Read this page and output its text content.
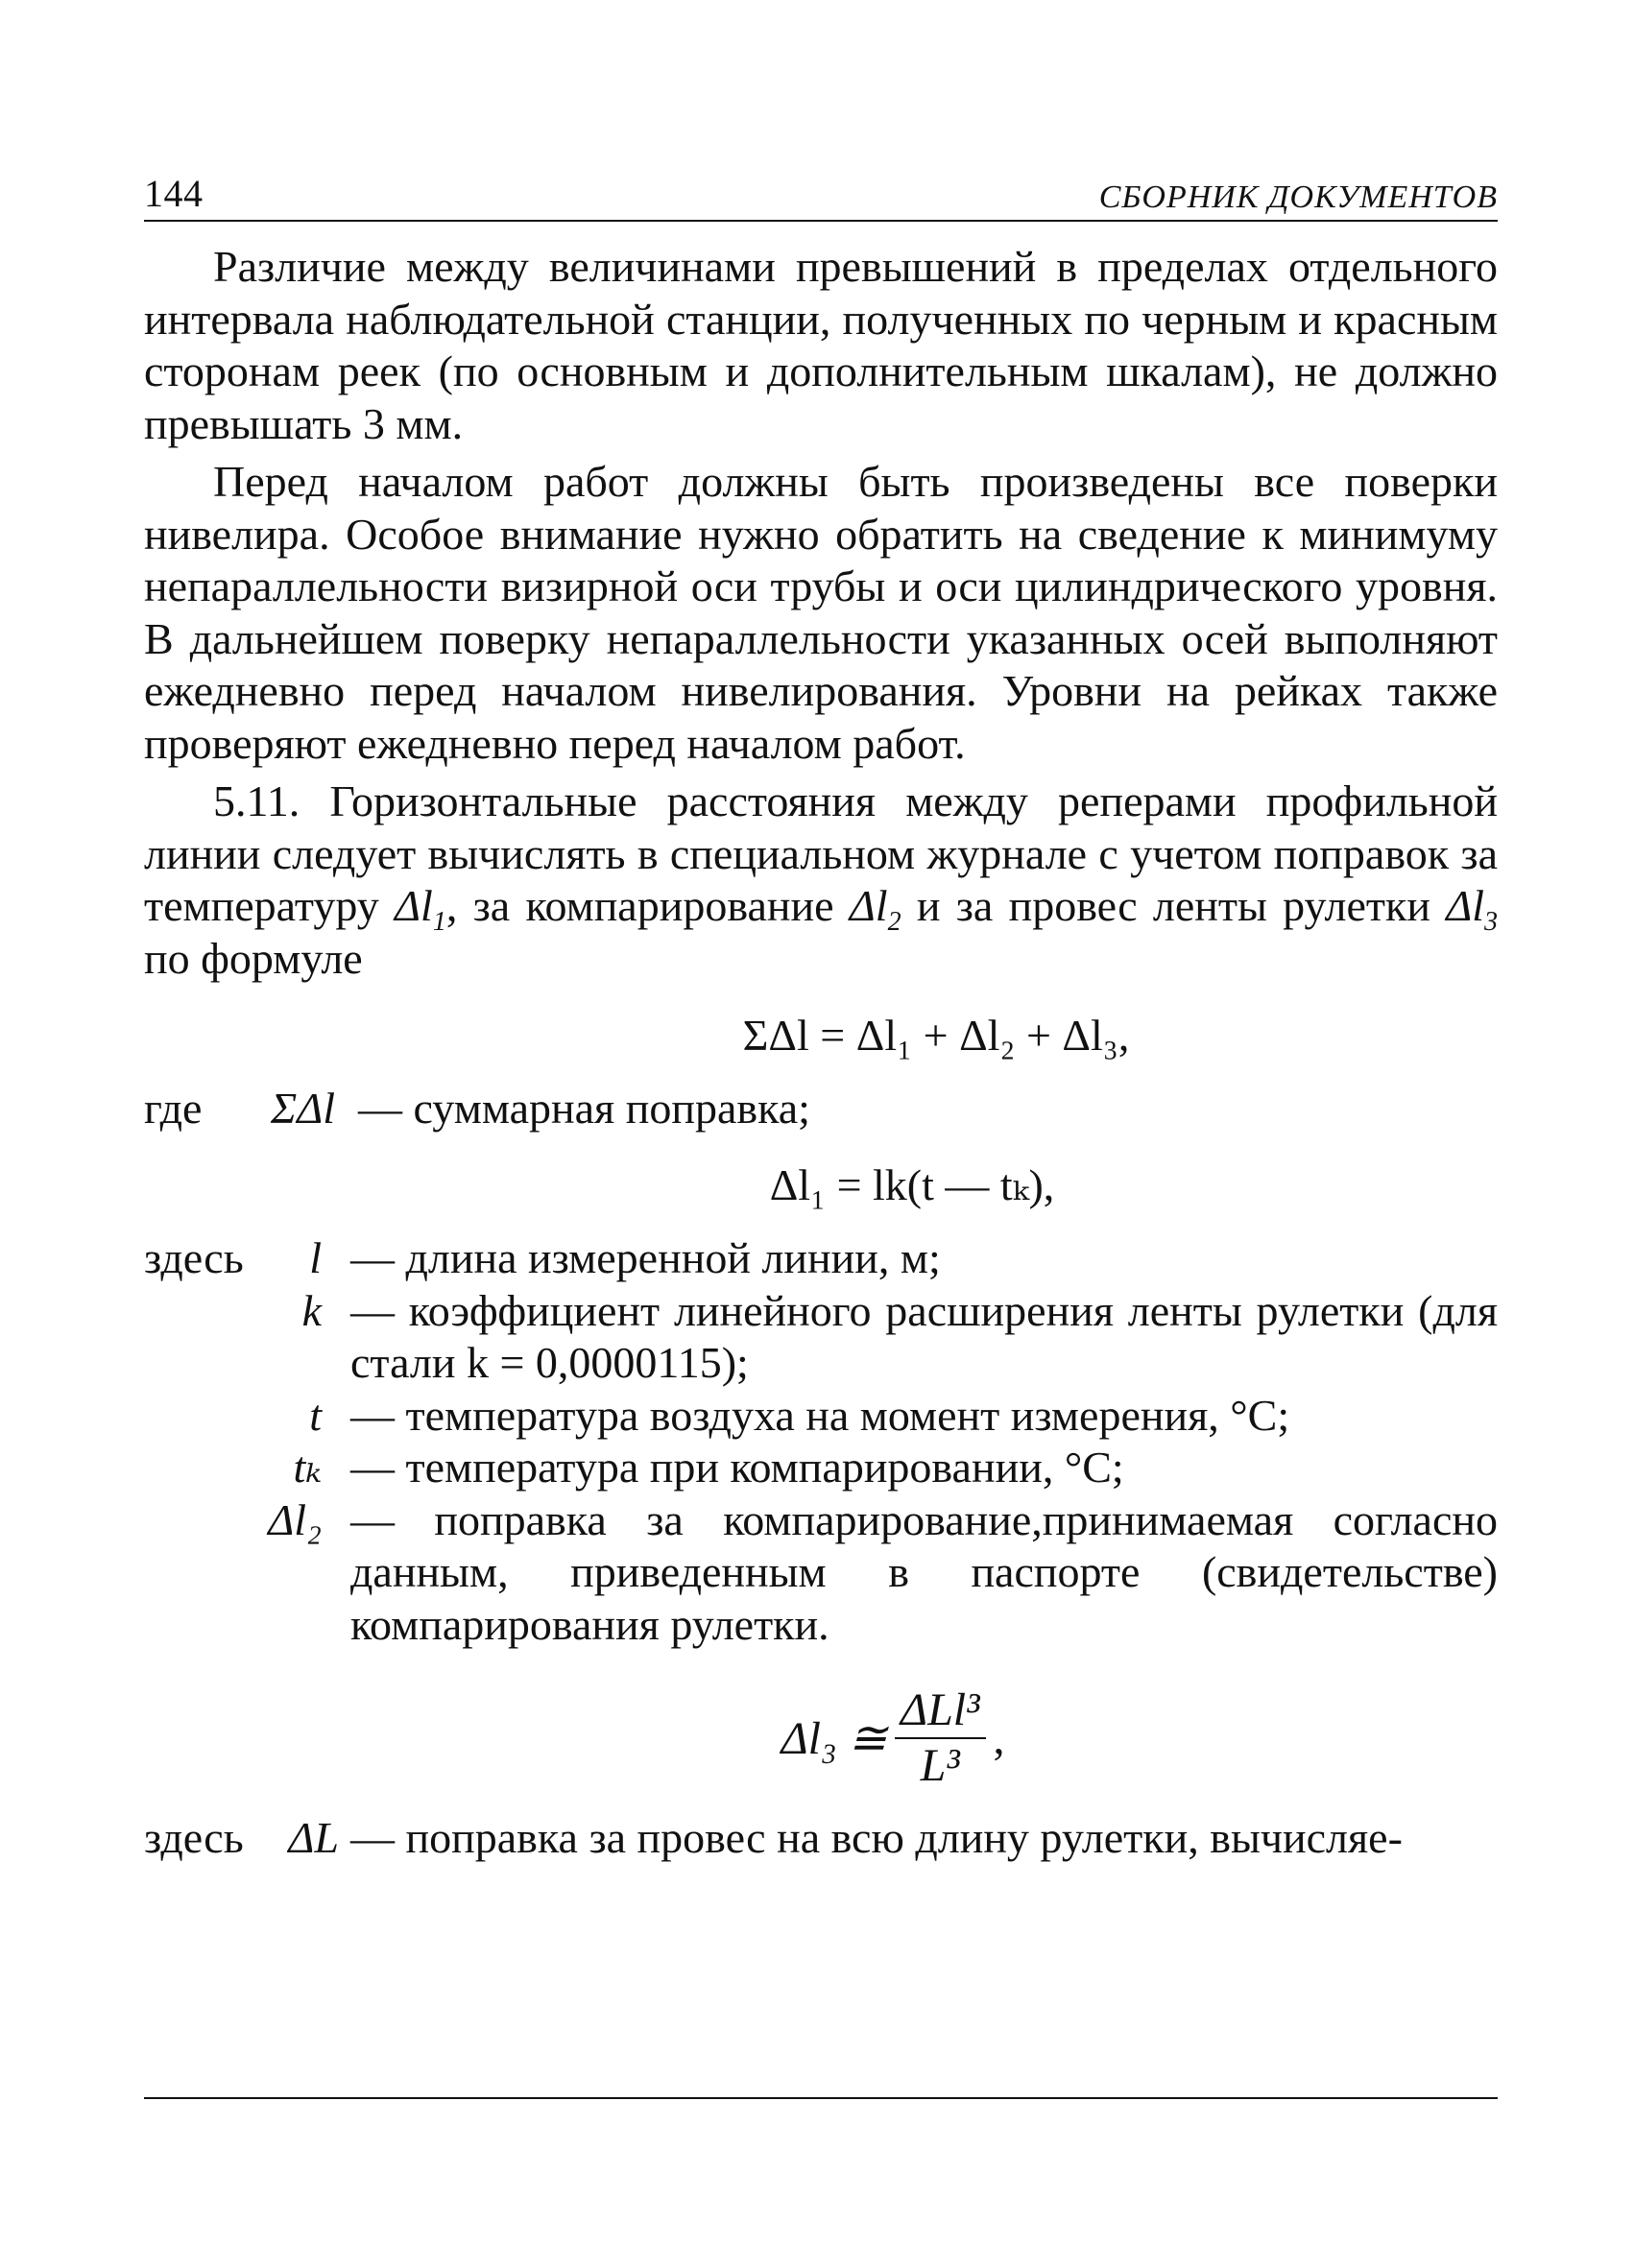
144	СБОРНИК ДОКУМЕНТОВ

Различие между величинами превышений в пределах отдельного интервала наблюдательной станции, полученных по черным и красным сторонам реек (по основным и дополнительным шкалам), не должно превышать 3 мм.

Перед началом работ должны быть произведены все поверки нивелира. Особое внимание нужно обратить на сведение к минимуму непараллельности визирной оси трубы и оси цилиндрического уровня. В дальнейшем поверку непараллельности указанных осей выполняют ежедневно перед началом нивелирования. Уровни на рейках также проверяют ежедневно перед началом работ.

5.11. Горизонтальные расстояния между реперами профильной линии следует вычислять в специальном журнале с учетом поправок за температуру $\Delta l_1$, за компарирование $\Delta l_2$ и за провес ленты рулетки $\Delta l_3$ по формуле

ΣΔl = Δl₁ + Δl₂ + Δl₃,
где	ΣΔl — суммарная поправка;
Δl₁ = lk(t — tₖ),
здесь	l — длина измеренной линии, м;
k — коэффициент линейного расширения ленты рулетки (для стали k = 0,0000115);
t — температура воздуха на момент измерения, °С;
tₖ — температура при компарировании, °С;
Δl₂ — поправка за компарирование,принимаемая согласно данным, приведенным в паспорте (свидетельстве) компарирования рулетки.
Δl₃ ≅ $\frac{\text{ΔLl³}}{\text{L³}}$ ,
здесь	ΔL — поправка за провес на всю длину рулетки, вычисляе-
